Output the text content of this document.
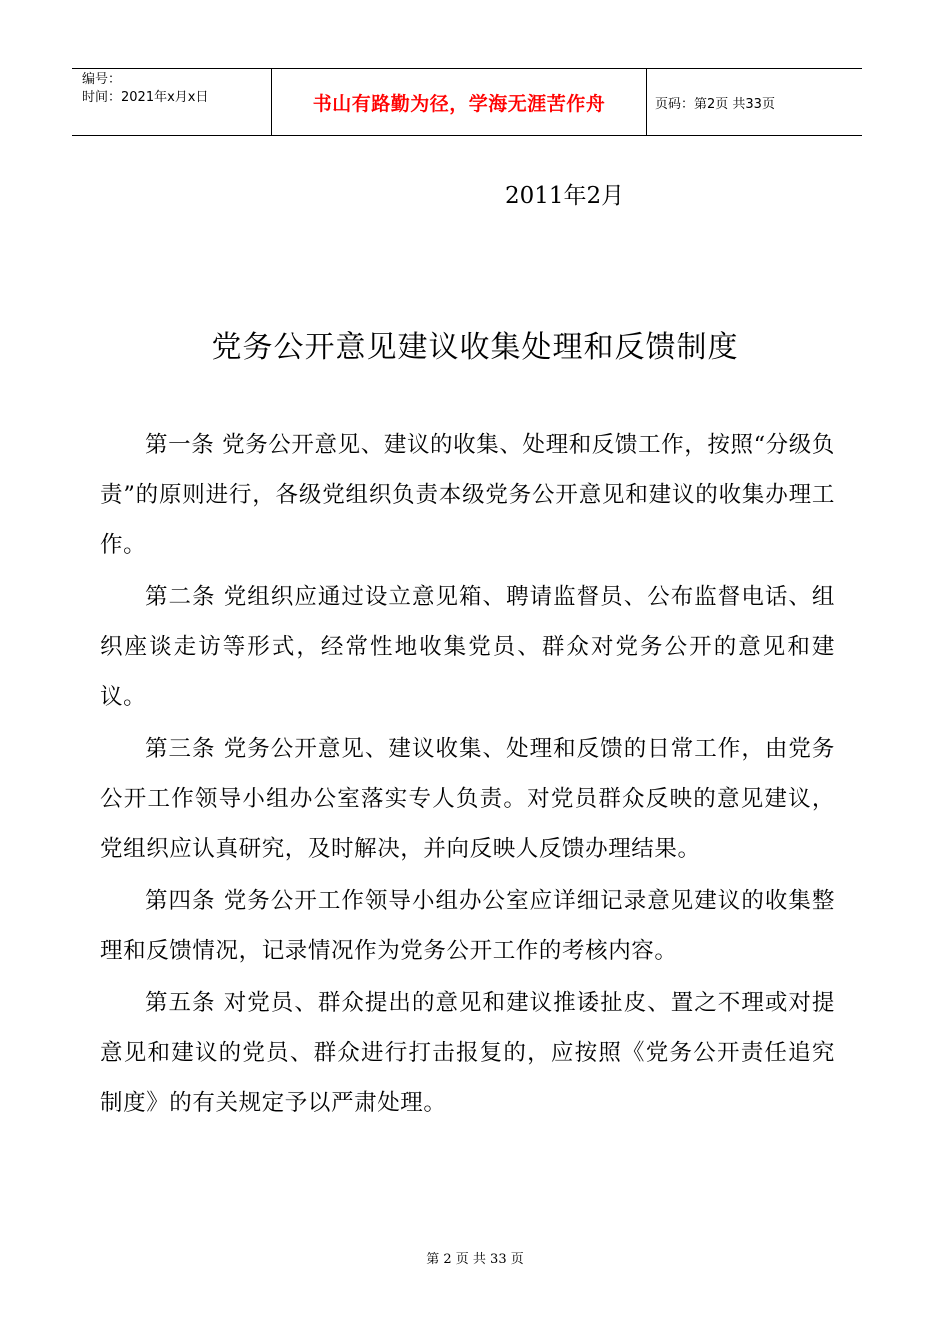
编号：
时间：2021年x月x日	书山有路勤为径，学海无涯苦作舟	页码：第2页 共33页
2011年2月
党务公开意见建议收集处理和反馈制度

第一条 党务公开意见、建议的收集、处理和反馈工作，按照“分级负责”的原则进行，各级党组织负责本级党务公开意见和建议的收集办理工作。

第二条 党组织应通过设立意见箱、聘请监督员、公布监督电话、组织座谈走访等形式，经常性地收集党员、群众对党务公开的意见和建议。

第三条 党务公开意见、建议收集、处理和反馈的日常工作，由党务公开工作领导小组办公室落实专人负责。对党员群众反映的意见建议，党组织应认真研究，及时解决，并向反映人反馈办理结果。

第四条 党务公开工作领导小组办公室应详细记录意见建议的收集整理和反馈情况，记录情况作为党务公开工作的考核内容。

第五条 对党员、群众提出的意见和建议推诿扯皮、置之不理或对提意见和建议的党员、群众进行打击报复的，应按照《党务公开责任追究制度》的有关规定予以严肃处理。

第 2 页 共 33 页
